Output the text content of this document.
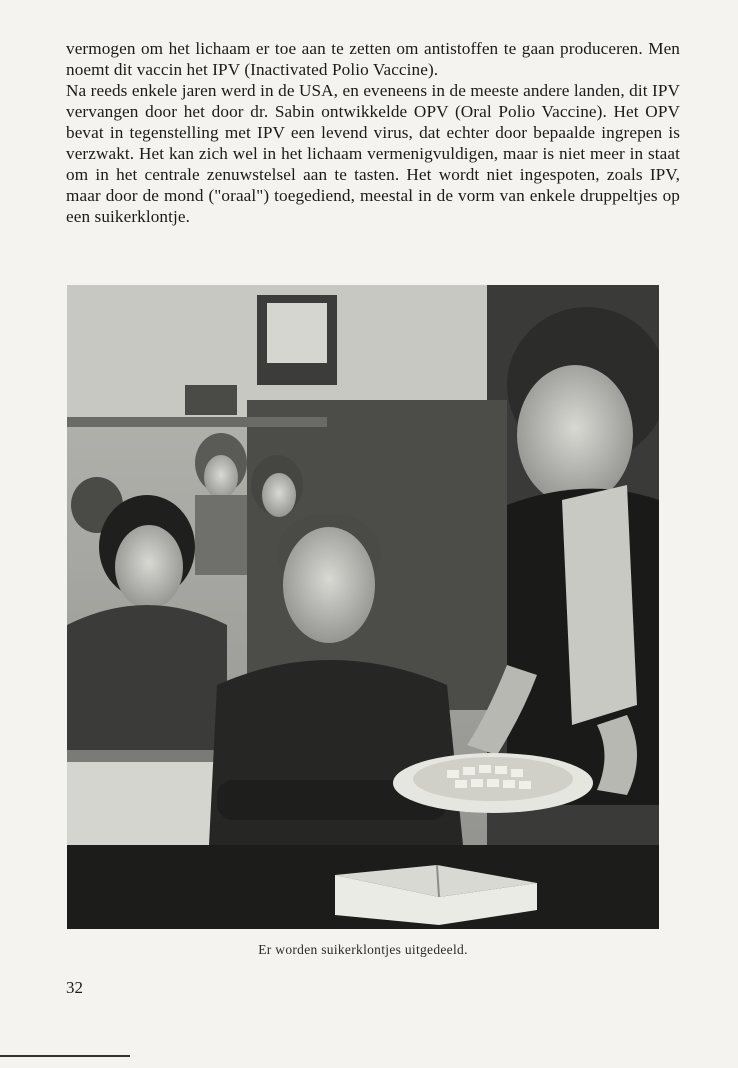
vermogen om het lichaam er toe aan te zetten om antistoffen te gaan produceren. Men noemt dit vaccin het IPV (Inactivated Polio Vaccine).

Na reeds enkele jaren werd in de USA, en eveneens in de meeste andere landen, dit IPV vervangen door het door dr. Sabin ontwikkelde OPV (Oral Polio Vaccine). Het OPV bevat in tegenstelling met IPV een levend virus, dat echter door bepaalde ingrepen is verzwakt. Het kan zich wel in het lichaam vermenigvuldigen, maar is niet meer in staat om in het centrale zenuwstelsel aan te tasten. Het wordt niet ingespoten, zoals IPV, maar door de mond ("oraal") toegediend, meestal in de vorm van enkele druppeltjes op een suikerklontje.

Er worden suikerklontjes uitgedeeld.
32
